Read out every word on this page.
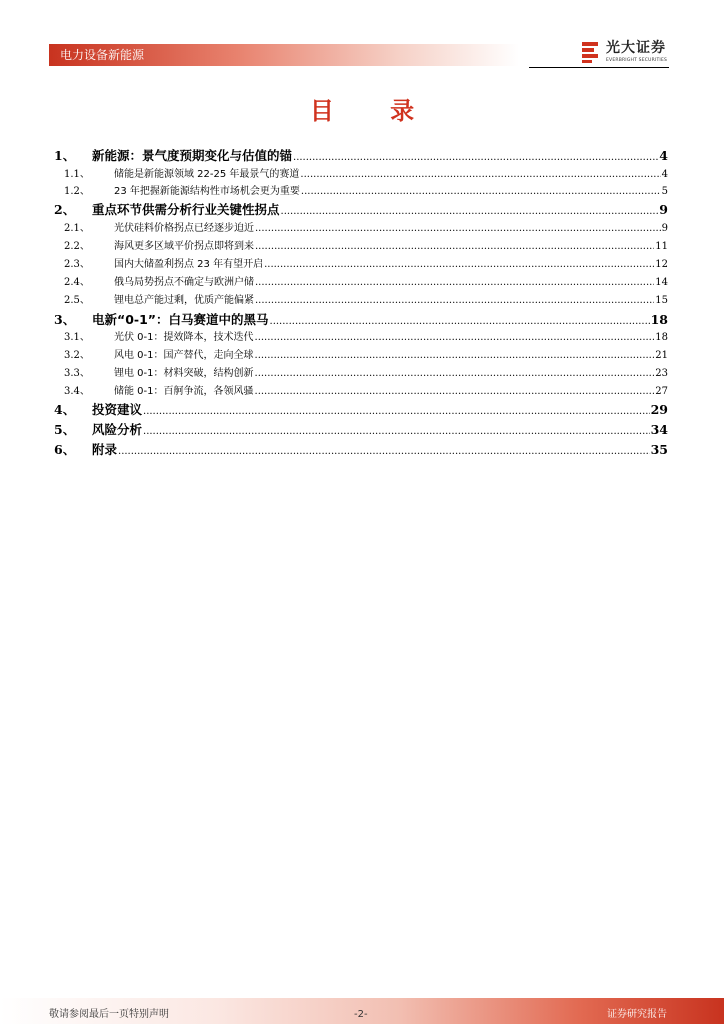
电力设备新能源	光大证券
EVERBRIGHT SECURITIES
目 录
1、	新能源：景气度预期变化与估值的锚 .....	4
1.1、	储能是新能源领域 22-25 年最景气的赛道 .....	4
1.2、	23 年把握新能源结构性市场机会更为重要 .....	5
2、	重点环节供需分析行业关键性拐点 .....	9
2.1、	光伏硅料价格拐点已经逐步迫近 .....	9
2.2、	海风更多区域平价拐点即将到来 .....	11
2.3、	国内大储盈利拐点 23 年有望开启 .....	12
2.4、	俄乌局势拐点不确定与欧洲户储 .....	14
2.5、	锂电总产能过剩，优质产能偏紧 .....	15
3、	电新“0-1”：白马赛道中的黑马 .....	18
3.1、	光伏 0-1：提效降本，技术迭代 .....	18
3.2、	风电 0-1：国产替代，走向全球 .....	21
3.3、	锂电 0-1：材料突破，结构创新 .....	23
3.4、	储能 0-1：百舸争流，各领风骚 .....	27
4、	投资建议 .....	29
5、	风险分析 .....	34
6、	附录 .....	35
敬请参阅最后一页特别声明	-2-	证券研究报告
